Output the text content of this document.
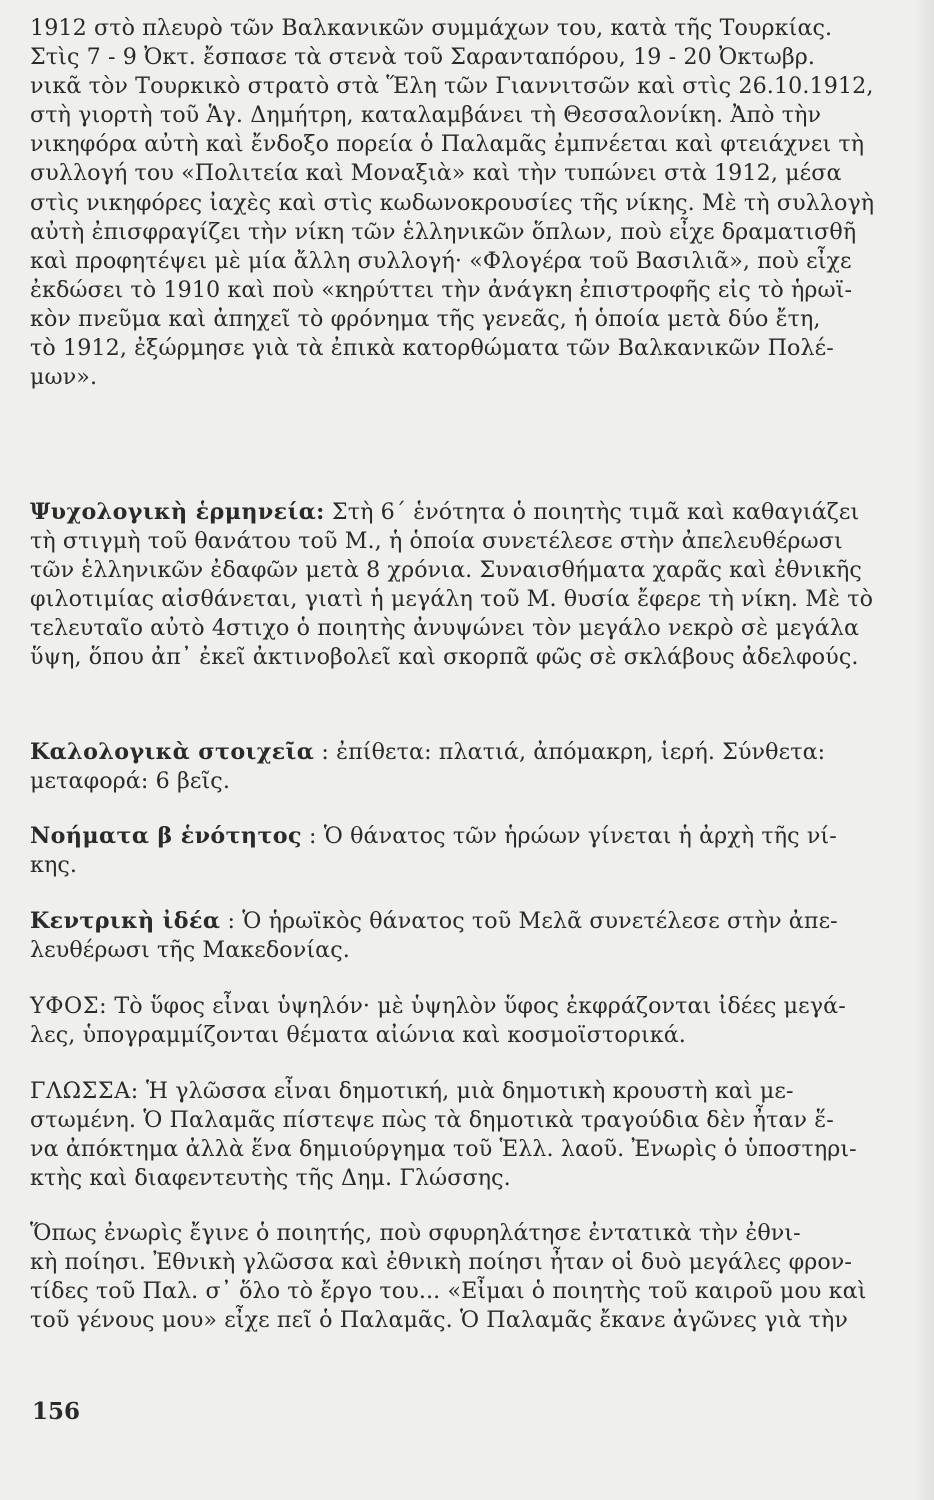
1912 στὸ πλευρὸ τῶν Βαλκανικῶν συμμάχων του, κατὰ τῆς Τουρκίας.
Στὶς 7 - 9 Ὀκτ. ἔσπασε τὰ στενὰ τοῦ Σαρανταπόρου, 19 - 20 Ὀκτωβρ.
νικᾶ τὸν Τουρκικὸ στρατὸ στὰ Ἕλη τῶν Γιαννιτσῶν καὶ στὶς 26.10.1912,
στὴ γιορτὴ τοῦ Ἁγ. Δημήτρη, καταλαμβάνει τὴ Θεσσαλονίκη. Ἀπὸ τὴν
νικηφόρα αὐτὴ καὶ ἔνδοξο πορεία ὁ Παλαμᾶς ἐμπνέεται καὶ φτειάχνει τὴ
συλλογή του «Πολιτεία καὶ Μοναξιὰ» καὶ τὴν τυπώνει στὰ 1912, μέσα
στὶς νικηφόρες ἰαχὲς καὶ στὶς κωδωνοκρουσίες τῆς νίκης. Μὲ τὴ συλλογὴ
αὐτὴ ἐπισφραγίζει τὴν νίκη τῶν ἑλληνικῶν ὅπλων, ποὺ εἶχε δραματισθῆ
καὶ προφητέψει μὲ μία ἄλλη συλλογή· «Φλογέρα τοῦ Βασιλιᾶ», ποὺ εἶχε
ἐκδώσει τὸ 1910 καὶ ποὺ «κηρύττει τὴν ἀνάγκη ἐπιστροφῆς εἰς τὸ ἡρωϊ-
κὸν πνεῦμα καὶ ἀπηχεῖ τὸ φρόνημα τῆς γενεᾶς, ἡ ὁποία μετὰ δύο ἔτη,
τὸ 1912, ἐξώρμησε γιὰ τὰ ἐπικὰ κατορθώματα τῶν Βαλκανικῶν Πολέ-
μων».

Ψυχολογικὴ ἑρμηνεία: Στὴ 6΄ ἑνότητα ὁ ποιητὴς τιμᾶ καὶ καθαγιάζει
τὴ στιγμὴ τοῦ θανάτου τοῦ Μ., ἡ ὁποία συνετέλεσε στὴν ἀπελευθέρωσι
τῶν ἑλληνικῶν ἐδαφῶν μετὰ 8 χρόνια. Συναισθήματα χαρᾶς καὶ ἐθνικῆς
φιλοτιμίας αἰσθάνεται, γιατὶ ἡ μεγάλη τοῦ Μ. θυσία ἔφερε τὴ νίκη. Μὲ τὸ
τελευταῖο αὐτὸ 4στιχο ὁ ποιητὴς ἀνυψώνει τὸν μεγάλο νεκρὸ σὲ μεγάλα
ὕψη, ὅπου ἀπ᾽ ἐκεῖ ἀκτινοβολεῖ καὶ σκορπᾶ φῶς σὲ σκλάβους ἀδελφούς.

Καλολογικὰ στοιχεῖα : ἐπίθετα: πλατιά, ἀπόμακρη, ἱερή. Σύνθετα:
μεταφορά: 6 βεῖς.

Νοήματα β ἑνότητος : Ὁ θάνατος τῶν ἡρώων γίνεται ἡ ἀρχὴ τῆς νί-
κης.

Κεντρικὴ ἰδέα : Ὁ ἡρωϊκὸς θάνατος τοῦ Μελᾶ συνετέλεσε στὴν ἀπε-
λευθέρωσι τῆς Μακεδονίας.

ΥΦΟΣ: Τὸ ὕφος εἶναι ὑψηλόν· μὲ ὑψηλὸν ὕφος ἐκφράζονται ἰδέες μεγά-
λες, ὑπογραμμίζονται θέματα αἰώνια καὶ κοσμοϊστορικά.

ΓΛΩΣΣΑ: Ἡ γλῶσσα εἶναι δημοτική, μιὰ δημοτικὴ κρουστὴ καὶ με-
στωμένη. Ὁ Παλαμᾶς πίστεψε πὼς τὰ δημοτικὰ τραγούδια δὲν ἦταν ἕ-
να ἀπόκτημα ἀλλὰ ἕνα δημιούργημα τοῦ Ἑλλ. λαοῦ. Ἐνωρὶς ὁ ὑποστηρι-
κτὴς καὶ διαφεντευτὴς τῆς Δημ. Γλώσσης.

Ὅπως ἐνωρὶς ἔγινε ὁ ποιητής, ποὺ σφυρηλάτησε ἐντατικὰ τὴν ἐθνι-
κὴ ποίησι. Ἐθνικὴ γλῶσσα καὶ ἐθνικὴ ποίησι ἦταν οἱ δυὸ μεγάλες φρον-
τίδες τοῦ Παλ. σ᾽ ὅλο τὸ ἔργο του... «Εἶμαι ὁ ποιητὴς τοῦ καιροῦ μου καὶ
τοῦ γένους μου» εἶχε πεῖ ὁ Παλαμᾶς. Ὁ Παλαμᾶς ἔκανε ἀγῶνες γιὰ τὴν

156
